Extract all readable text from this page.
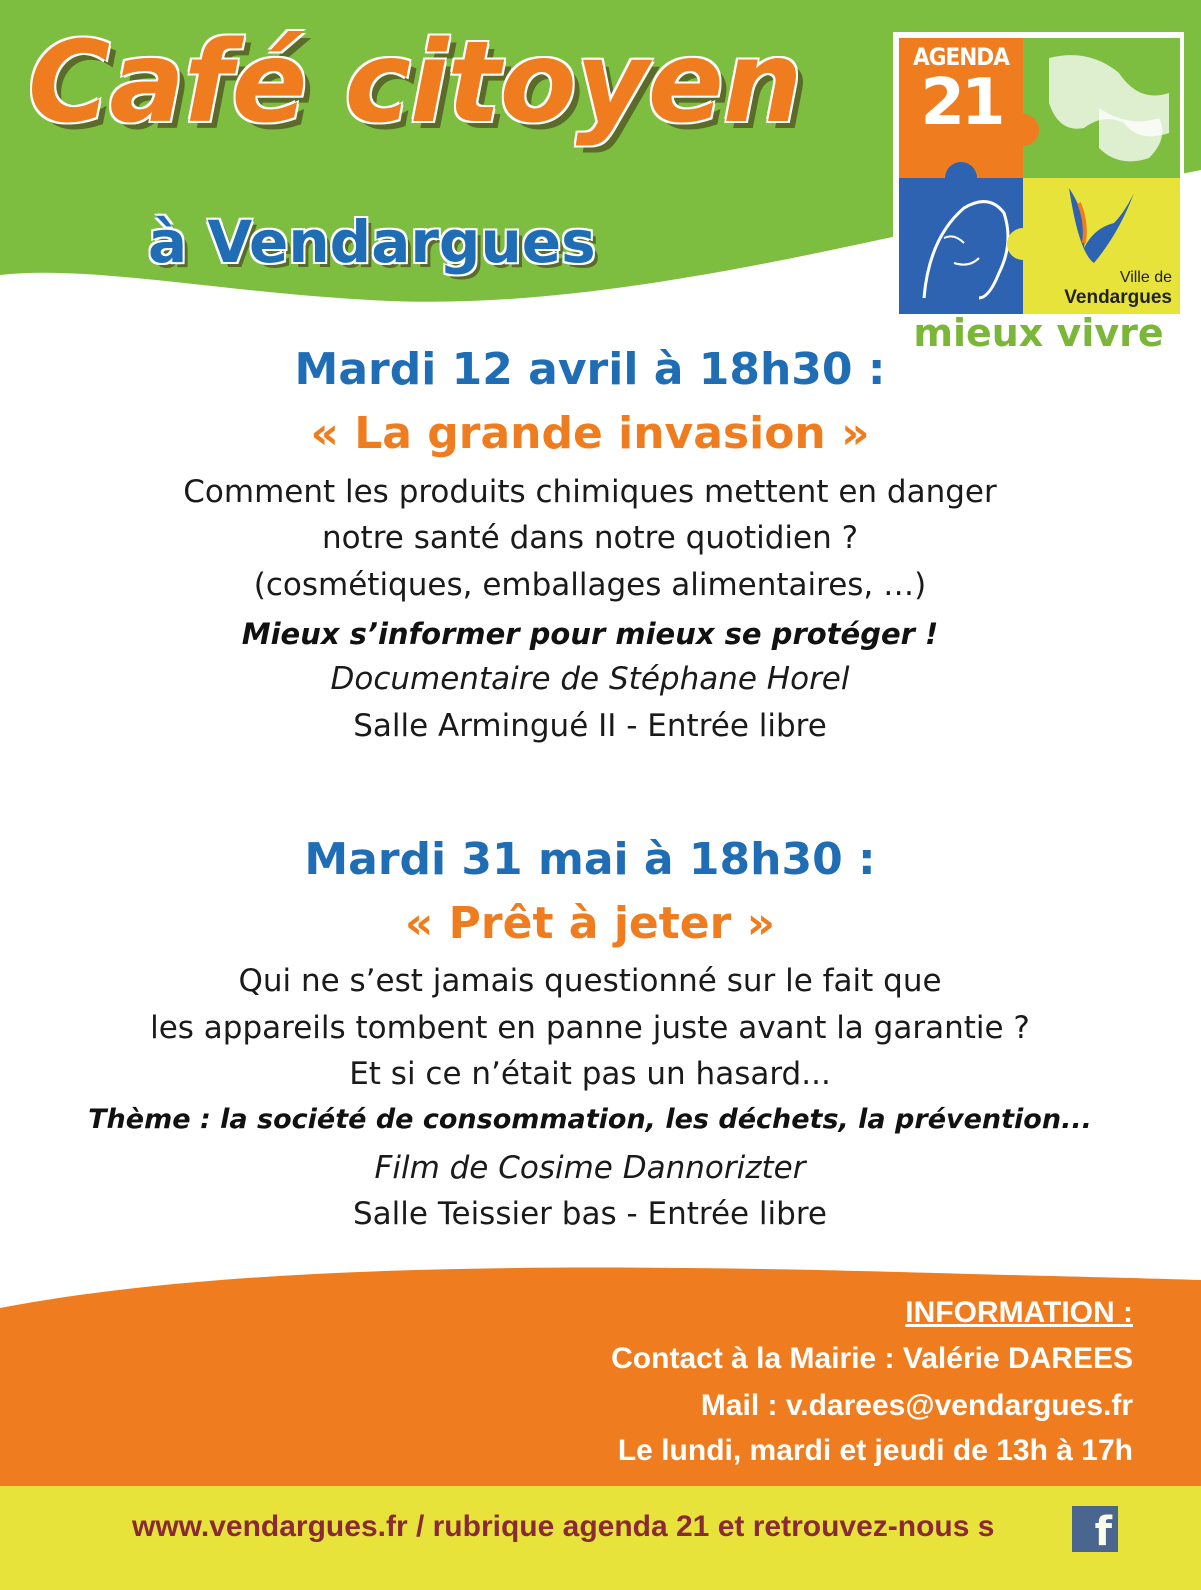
Café citoyen
à Vendargues
AGENDA
21
Ville de
Vendargues
mieux vivre
Mardi 12 avril à 18h30 :
« La grande invasion »
Comment les produits chimiques mettent en danger
notre santé dans notre quotidien ?
(cosmétiques, emballages alimentaires, …)
Mieux s’informer pour mieux se protéger !
Documentaire de Stéphane Horel
Salle Armingué II - Entrée libre
Mardi 31 mai à 18h30 :
« Prêt à jeter »
Qui ne s’est jamais questionné sur le fait que
les appareils tombent en panne juste avant la garantie ?
Et si ce n’était pas un hasard...
Thème : la société de consommation, les déchets, la prévention...
Film de Cosime Dannorizter
Salle Teissier bas - Entrée libre
INFORMATION :
Contact à la Mairie : Valérie DAREES
Mail : v.darees@vendargues.fr
Le lundi, mardi et jeudi de 13h à 17h
www.vendargues.fr / rubrique agenda 21 et retrouvez-nous s	f
